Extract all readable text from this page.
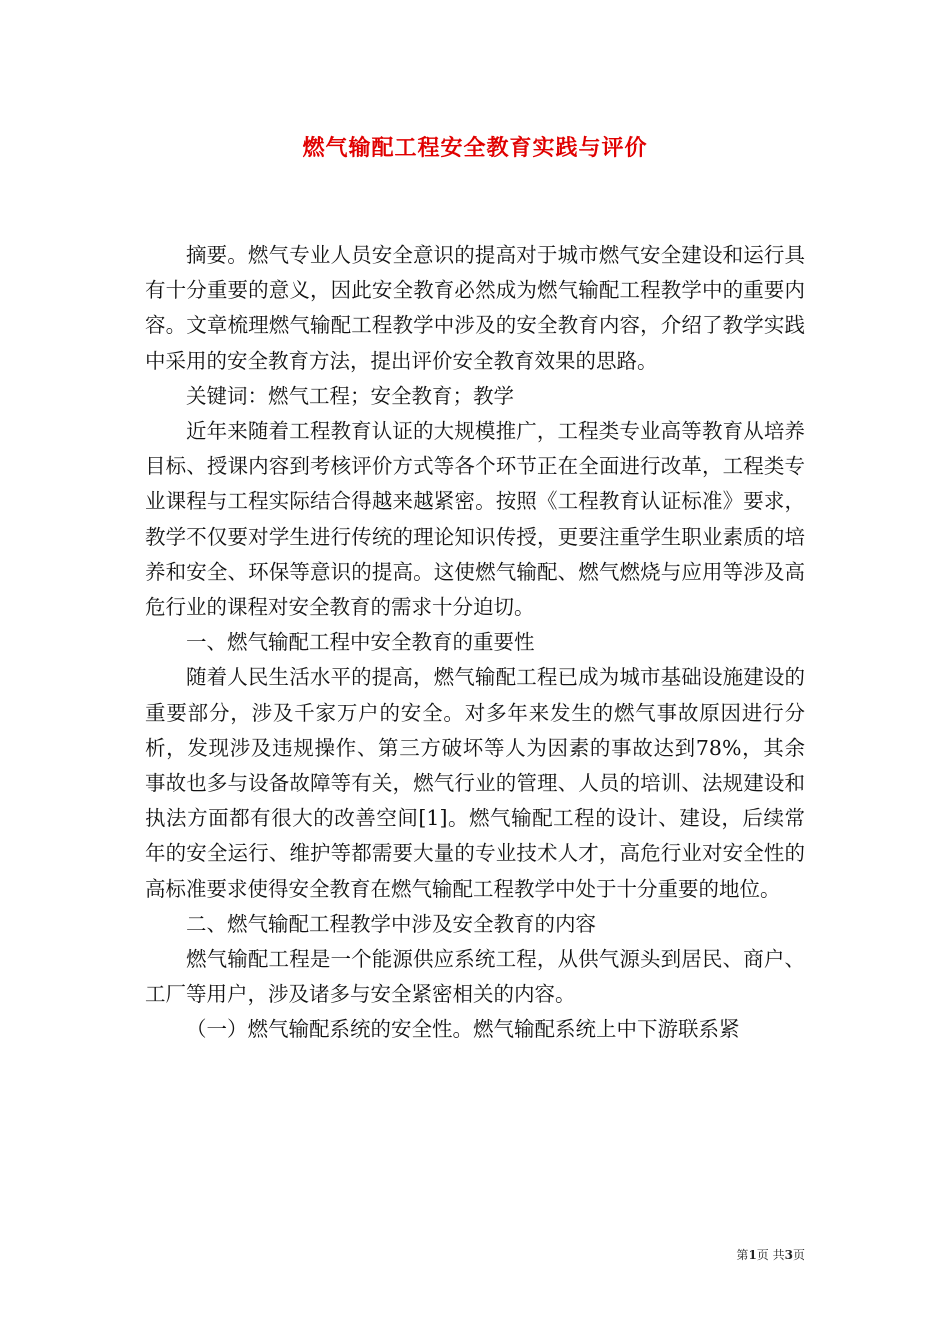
燃气输配工程安全教育实践与评价

摘要。燃气专业人员安全意识的提高对于城市燃气安全建设和运行具有十分重要的意义，因此安全教育必然成为燃气输配工程教学中的重要内容。文章梳理燃气输配工程教学中涉及的安全教育内容，介绍了教学实践中采用的安全教育方法，提出评价安全教育效果的思路。

关键词：燃气工程；安全教育；教学

近年来随着工程教育认证的大规模推广，工程类专业高等教育从培养目标、授课内容到考核评价方式等各个环节正在全面进行改革，工程类专业课程与工程实际结合得越来越紧密。按照《工程教育认证标准》要求，教学不仅要对学生进行传统的理论知识传授，更要注重学生职业素质的培养和安全、环保等意识的提高。这使燃气输配、燃气燃烧与应用等涉及高危行业的课程对安全教育的需求十分迫切。

一、燃气输配工程中安全教育的重要性

随着人民生活水平的提高，燃气输配工程已成为城市基础设施建设的重要部分，涉及千家万户的安全。对多年来发生的燃气事故原因进行分析，发现涉及违规操作、第三方破坏等人为因素的事故达到78%，其余事故也多与设备故障等有关，燃气行业的管理、人员的培训、法规建设和执法方面都有很大的改善空间[1]。燃气输配工程的设计、建设，后续常年的安全运行、维护等都需要大量的专业技术人才，高危行业对安全性的高标准要求使得安全教育在燃气输配工程教学中处于十分重要的地位。

二、燃气输配工程教学中涉及安全教育的内容

燃气输配工程是一个能源供应系统工程，从供气源头到居民、商户、工厂等用户，涉及诸多与安全紧密相关的内容。

（一）燃气输配系统的安全性。燃气输配系统上中下游联系紧

第1页 共3页
